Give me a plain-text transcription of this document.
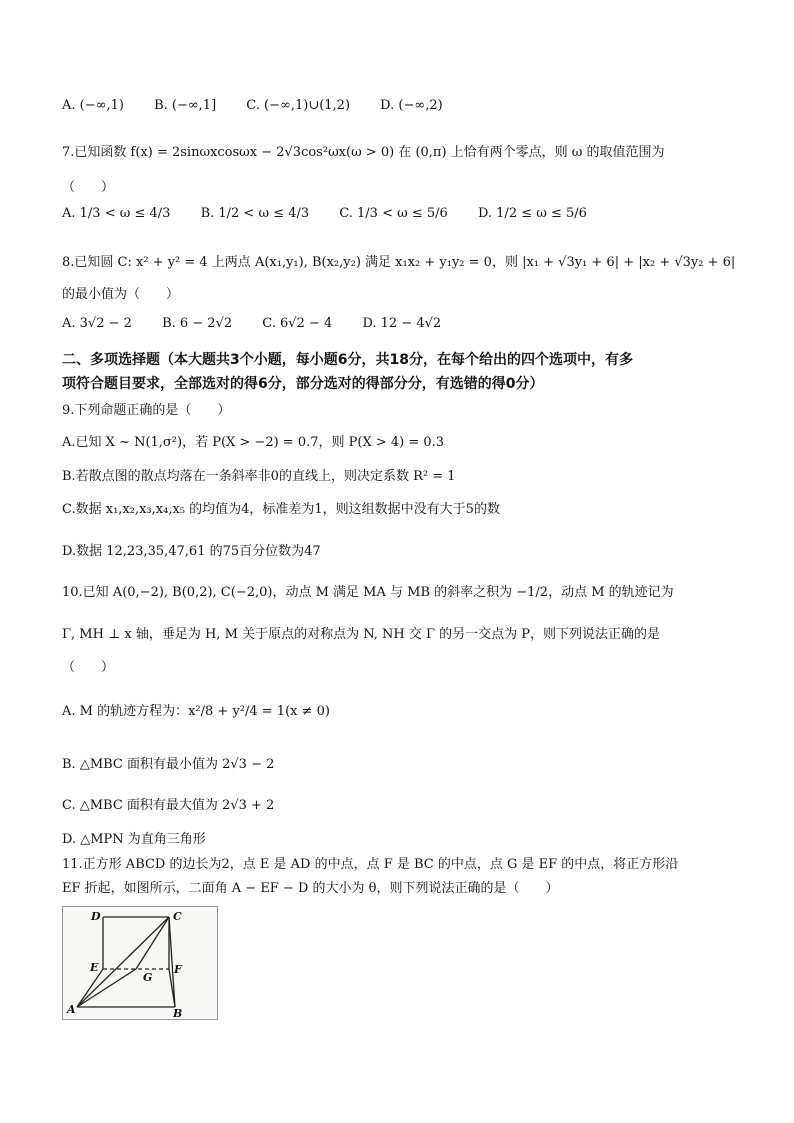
A. (−∞,1) B. (−∞,1] C. (−∞,1)∪(1,2) D. (−∞,2)
7.已知函数 f(x) = 2sinωxcosωx − 2√3cos²ωx(ω > 0) 在 (0,π) 上恰有两个零点，则 ω 的取值范围为
（　　）
A. 1/3 < ω ≤ 4/3 B. 1/2 < ω ≤ 4/3 C. 1/3 < ω ≤ 5/6 D. 1/2 ≤ ω ≤ 5/6
8.已知圆 C: x² + y² = 4 上两点 A(x₁,y₁), B(x₂,y₂) 满足 x₁x₂ + y₁y₂ = 0，则 |x₁ + √3y₁ + 6| + |x₂ + √3y₂ + 6|
的最小值为（　　）
A. 3√2 − 2 B. 6 − 2√2 C. 6√2 − 4 D. 12 − 4√2
二、多项选择题（本大题共3个小题，每小题6分，共18分，在每个给出的四个选项中，有多
项符合题目要求，全部选对的得6分，部分选对的得部分分，有选错的得0分）
9.下列命题正确的是（　　）
A.已知 X ~ N(1,σ²)，若 P(X > −2) = 0.7，则 P(X > 4) = 0.3
B.若散点图的散点均落在一条斜率非0的直线上，则决定系数 R² = 1
C.数据 x₁,x₂,x₃,x₄,x₅ 的均值为4，标准差为1，则这组数据中没有大于5的数
D.数据 12,23,35,47,61 的75百分位数为47
10.已知 A(0,−2), B(0,2), C(−2,0)，动点 M 满足 MA 与 MB 的斜率之积为 −1/2，动点 M 的轨迹记为
Γ, MH ⊥ x 轴，垂足为 H, M 关于原点的对称点为 N, NH 交 Γ 的另一交点为 P，则下列说法正确的是
（　　）
A. M 的轨迹方程为：x²/8 + y²/4 = 1(x ≠ 0)
B. △MBC 面积有最小值为 2√3 − 2
C. △MBC 面积有最大值为 2√3 + 2
D. △MPN 为直角三角形
11.正方形 ABCD 的边长为2，点 E 是 AD 的中点，点 F 是 BC 的中点，点 G 是 EF 的中点，将正方形沿
EF 折起，如图所示，二面角 A − EF − D 的大小为 θ，则下列说法正确的是（　　）
D	C
E	F
G
A	B
